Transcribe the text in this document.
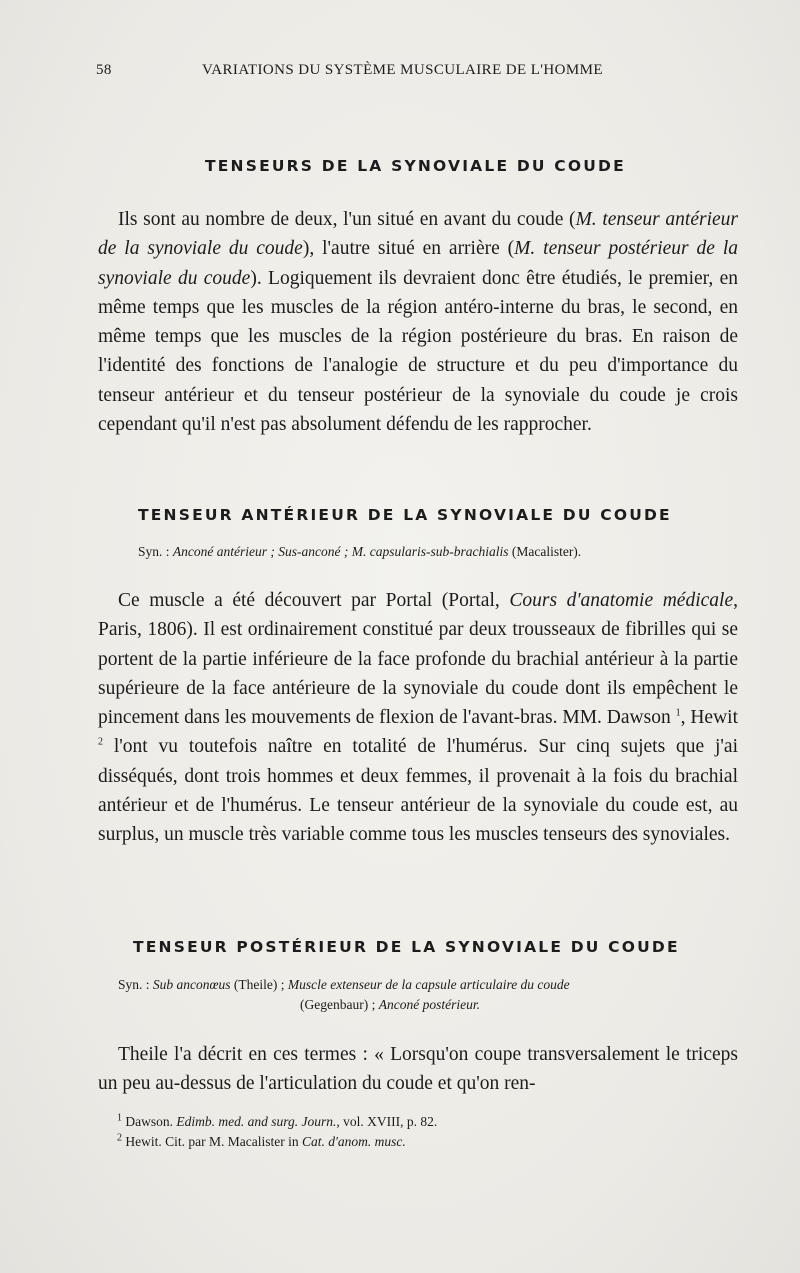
58	VARIATIONS DU SYSTÈME MUSCULAIRE DE L'HOMME
TENSEURS DE LA SYNOVIALE DU COUDE

Ils sont au nombre de deux, l'un situé en avant du coude (M. tenseur antérieur de la synoviale du coude), l'autre situé en arrière (M. tenseur postérieur de la synoviale du coude). Logiquement ils devraient donc être étudiés, le premier, en même temps que les muscles de la région antéro-interne du bras, le second, en même temps que les muscles de la région postérieure du bras. En raison de l'identité des fonctions de l'analogie de structure et du peu d'importance du tenseur antérieur et du tenseur postérieur de la synoviale du coude je crois cependant qu'il n'est pas absolument défendu de les rapprocher.

TENSEUR ANTÉRIEUR DE LA SYNOVIALE DU COUDE
Syn. : Anconé antérieur ; Sus-anconé ; M. capsularis-sub-brachialis (Macalister).

Ce muscle a été découvert par Portal (Portal, Cours d'anatomie médicale, Paris, 1806). Il est ordinairement constitué par deux trousseaux de fibrilles qui se portent de la partie inférieure de la face profonde du brachial antérieur à la partie supérieure de la face antérieure de la synoviale du coude dont ils empêchent le pincement dans les mouvements de flexion de l'avant-bras. MM. Dawson $^1$, Hewit $^2$ l'ont vu toutefois naître en totalité de l'humérus. Sur cinq sujets que j'ai disséqués, dont trois hommes et deux femmes, il provenait à la fois du brachial antérieur et de l'humérus. Le tenseur antérieur de la synoviale du coude est, au surplus, un muscle très variable comme tous les muscles tenseurs des synoviales.

TENSEUR POSTÉRIEUR DE LA SYNOVIALE DU COUDE
Syn. : Sub anconœus (Theile) ; Muscle extenseur de la capsule articulaire du coude
(Gegenbaur) ; Anconé postérieur.

Theile l'a décrit en ces termes : « Lorsqu'on coupe transversalement le triceps un peu au-dessus de l'articulation du coude et qu'on ren-

$^1$ Dawson. Edimb. med. and surg. Journ., vol. XVIII, p. 82.
$^2$ Hewit. Cit. par M. Macalister in Cat. d'anom. musc.
